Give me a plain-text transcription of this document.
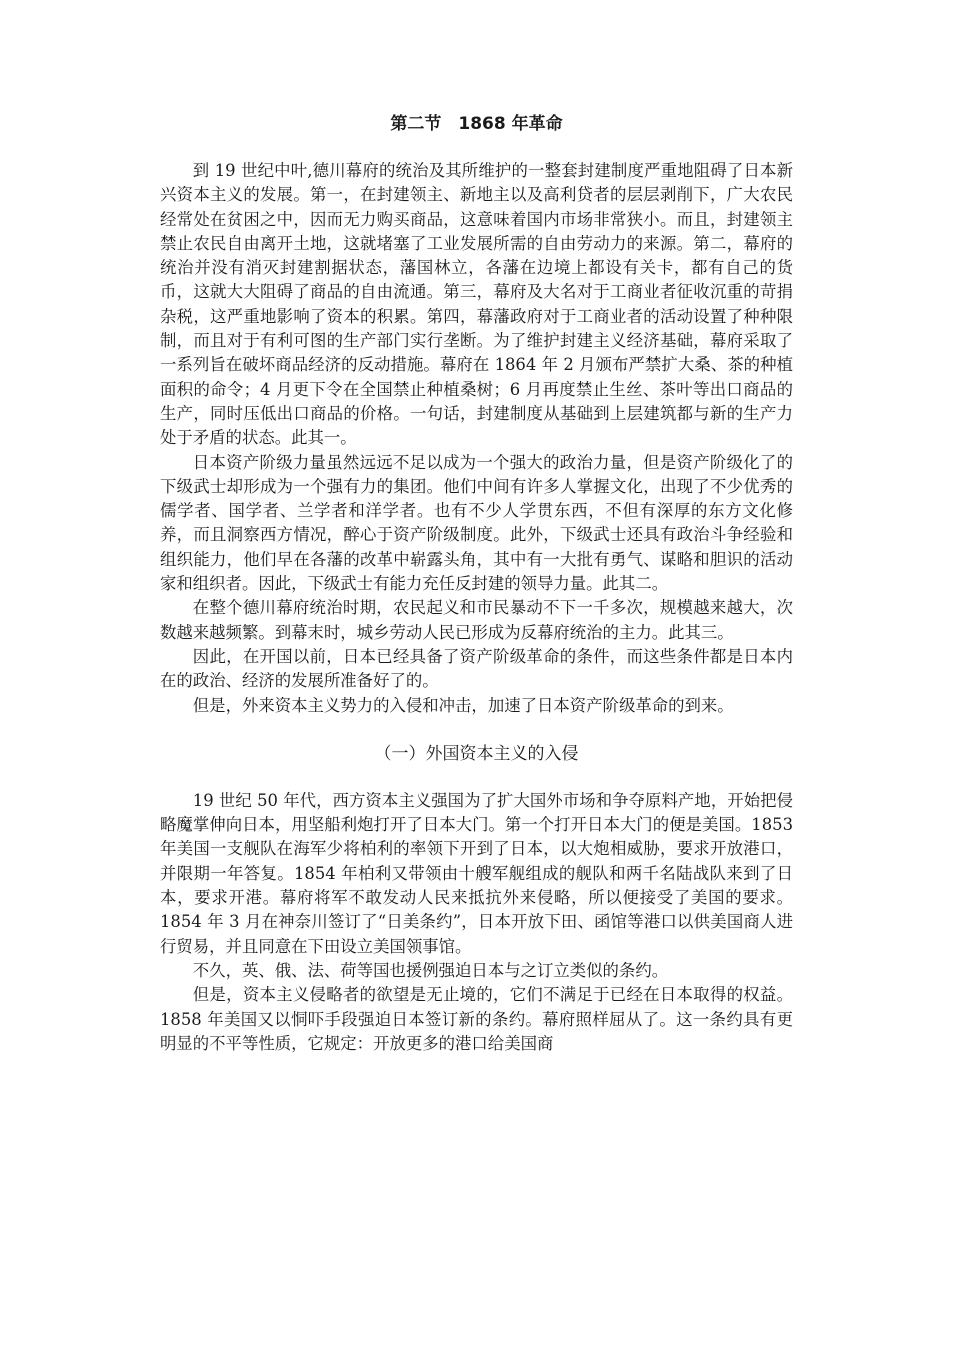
第二节　1868 年革命

到 19 世纪中叶,德川幕府的统治及其所维护的一整套封建制度严重地阻碍了日本新兴资本主义的发展。第一，在封建领主、新地主以及高利贷者的层层剥削下，广大农民经常处在贫困之中，因而无力购买商品，这意味着国内市场非常狭小。而且，封建领主禁止农民自由离开土地，这就堵塞了工业发展所需的自由劳动力的来源。第二，幕府的统治并没有消灭封建割据状态，藩国林立，各藩在边境上都设有关卡，都有自己的货币，这就大大阻碍了商品的自由流通。第三，幕府及大名对于工商业者征收沉重的苛捐杂税，这严重地影响了资本的积累。第四，幕藩政府对于工商业者的活动设置了种种限制，而且对于有利可图的生产部门实行垄断。为了维护封建主义经济基础，幕府采取了一系列旨在破坏商品经济的反动措施。幕府在 1864 年 2 月颁布严禁扩大桑、茶的种植面积的命令；4 月更下令在全国禁止种植桑树；6 月再度禁止生丝、茶叶等出口商品的生产，同时压低出口商品的价格。一句话，封建制度从基础到上层建筑都与新的生产力处于矛盾的状态。此其一。

日本资产阶级力量虽然远远不足以成为一个强大的政治力量，但是资产阶级化了的下级武士却形成为一个强有力的集团。他们中间有许多人掌握文化，出现了不少优秀的儒学者、国学者、兰学者和洋学者。也有不少人学贯东西，不但有深厚的东方文化修养，而且洞察西方情况，醉心于资产阶级制度。此外，下级武士还具有政治斗争经验和组织能力，他们早在各藩的改革中崭露头角，其中有一大批有勇气、谋略和胆识的活动家和组织者。因此，下级武士有能力充任反封建的领导力量。此其二。

在整个德川幕府统治时期，农民起义和市民暴动不下一千多次，规模越来越大，次数越来越频繁。到幕末时，城乡劳动人民已形成为反幕府统治的主力。此其三。

因此，在开国以前，日本已经具备了资产阶级革命的条件，而这些条件都是日本内在的政治、经济的发展所准备好了的。

但是，外来资本主义势力的入侵和冲击，加速了日本资产阶级革命的到来。

（一）外国资本主义的入侵

19 世纪 50 年代，西方资本主义强国为了扩大国外市场和争夺原料产地，开始把侵略魔掌伸向日本，用坚船利炮打开了日本大门。第一个打开日本大门的便是美国。1853 年美国一支舰队在海军少将柏利的率领下开到了日本，以大炮相威胁，要求开放港口，并限期一年答复。1854 年柏利又带领由十艘军舰组成的舰队和两千名陆战队来到了日本，要求开港。幕府将军不敢发动人民来抵抗外来侵略，所以便接受了美国的要求。1854 年 3 月在神奈川签订了“日美条约”，日本开放下田、函馆等港口以供美国商人进行贸易，并且同意在下田设立美国领事馆。

不久，英、俄、法、荷等国也援例强迫日本与之订立类似的条约。

但是，资本主义侵略者的欲望是无止境的，它们不满足于已经在日本取得的权益。1858 年美国又以恫吓手段强迫日本签订新的条约。幕府照样屈从了。这一条约具有更明显的不平等性质，它规定：开放更多的港口给美国商
